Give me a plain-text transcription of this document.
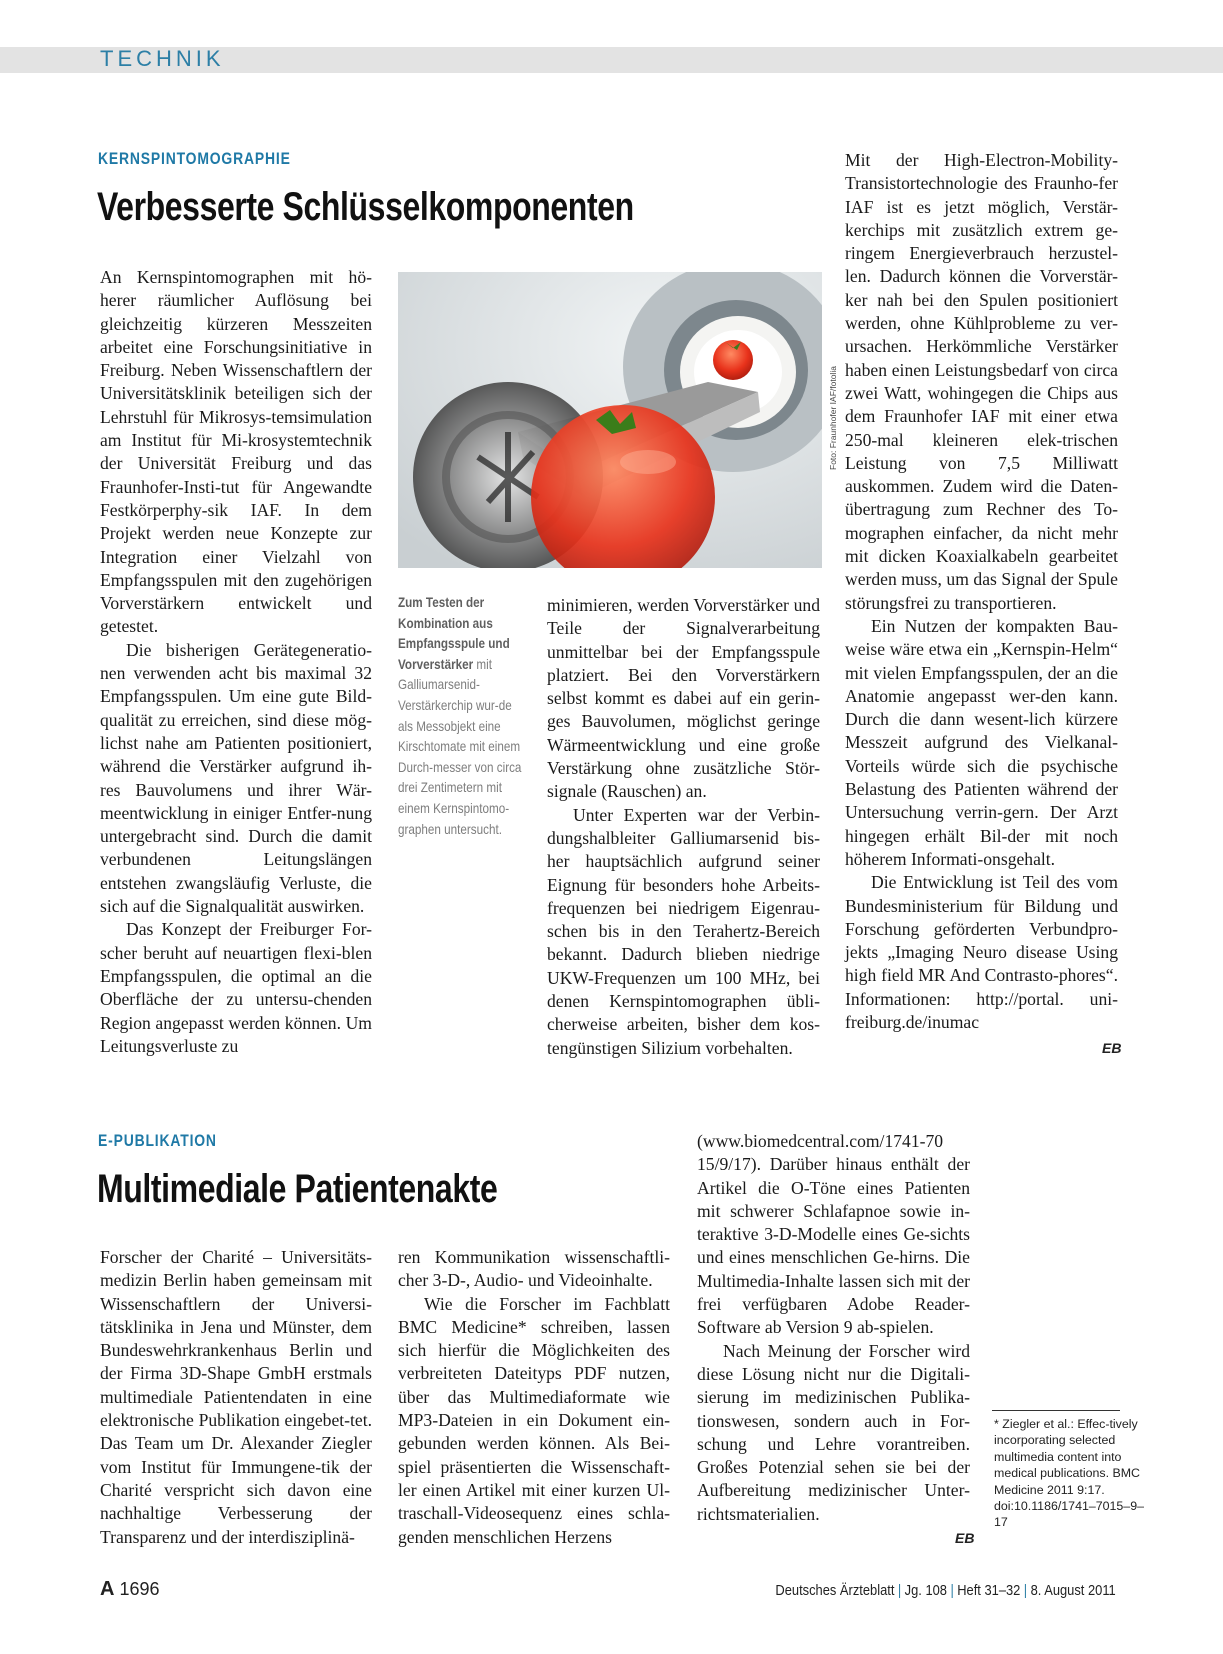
TECHNIK
KERNSPINTOMOGRAPHIE
Verbesserte Schlüsselkomponenten

An Kernspintomographen mit hö-herer räumlicher Auflösung bei gleichzeitig kürzeren Messzeiten arbeitet eine Forschungsinitiative in Freiburg. Neben Wissenschaftlern der Universitätsklinik beteiligen sich der Lehrstuhl für Mikrosys-temsimulation am Institut für Mi-krosystemtechnik der Universität Freiburg und das Fraunhofer-Insti-tut für Angewandte Festkörperphy-sik IAF. In dem Projekt werden neue Konzepte zur Integration einer Vielzahl von Empfangsspulen mit den zugehörigen Vorverstärkern entwickelt und getestet.

Die bisherigen Gerätegeneratio-nen verwenden acht bis maximal 32 Empfangsspulen. Um eine gute Bild-qualität zu erreichen, sind diese mög-lichst nahe am Patienten positioniert, während die Verstärker aufgrund ih-res Bauvolumens und ihrer Wär-meentwicklung in einiger Entfer-nung untergebracht sind. Durch die damit verbundenen Leitungslängen entstehen zwangsläufig Verluste, die sich auf die Signalqualität auswirken.

Das Konzept der Freiburger For-scher beruht auf neuartigen flexi-blen Empfangsspulen, die optimal an die Oberfläche der zu untersu-chenden Region angepasst werden können. Um Leitungsverluste zu

Foto: Fraunhofer IAF/fotolia
Zum Testen der Kombination aus Empfangsspule und Vorverstärker mit Galliumarsenid-Verstärkerchip wur-de als Messobjekt eine Kirschtomate mit einem Durch-messer von circa drei Zentimetern mit einem Kernspintomo-graphen untersucht.

minimieren, werden Vorverstärker und Teile der Signalverarbeitung unmittelbar bei der Empfangsspule platziert. Bei den Vorverstärkern selbst kommt es dabei auf ein gerin-ges Bauvolumen, möglichst geringe Wärmeentwicklung und eine große Verstärkung ohne zusätzliche Stör-signale (Rauschen) an.

Unter Experten war der Verbin-dungshalbleiter Galliumarsenid bis-her hauptsächlich aufgrund seiner Eignung für besonders hohe Arbeits-frequenzen bei niedrigem Eigenrau-schen bis in den Terahertz-Bereich bekannt. Dadurch blieben niedrige UKW-Frequenzen um 100 MHz, bei denen Kernspintomographen übli-cherweise arbeiten, bisher dem kos-tengünstigen Silizium vorbehalten.

Mit der High-Electron-Mobility-Transistortechnologie des Fraunho-fer IAF ist es jetzt möglich, Verstär-kerchips mit zusätzlich extrem ge-ringem Energieverbrauch herzustel-len. Dadurch können die Vorverstär-ker nah bei den Spulen positioniert werden, ohne Kühlprobleme zu ver-ursachen. Herkömmliche Verstärker haben einen Leistungsbedarf von circa zwei Watt, wohingegen die Chips aus dem Fraunhofer IAF mit einer etwa 250-mal kleineren elek-trischen Leistung von 7,5 Milliwatt auskommen. Zudem wird die Daten-übertragung zum Rechner des To-mographen einfacher, da nicht mehr mit dicken Koaxialkabeln gearbeitet werden muss, um das Signal der Spule störungsfrei zu transportieren.

Ein Nutzen der kompakten Bau-weise wäre etwa ein „Kernspin-Helm“ mit vielen Empfangsspulen, der an die Anatomie angepasst wer-den kann. Durch die dann wesent-lich kürzere Messzeit aufgrund des Vielkanal-Vorteils würde sich die psychische Belastung des Patienten während der Untersuchung verrin-gern. Der Arzt hingegen erhält Bil-der mit noch höherem Informati-onsgehalt.

Die Entwicklung ist Teil des vom Bundesministerium für Bildung und Forschung geförderten Verbundpro-jekts „Imaging Neuro disease Using high field MR And Contrasto-phores“. Informationen: http://portal. uni-freiburg.de/inumac

EB
E-PUBLIKATION
Multimediale Patientenakte

Forscher der Charité – Universitäts-medizin Berlin haben gemeinsam mit Wissenschaftlern der Universi-tätsklinika in Jena und Münster, dem Bundeswehrkrankenhaus Berlin und der Firma 3D-Shape GmbH erstmals multimediale Patientendaten in eine elektronische Publikation eingebet-tet. Das Team um Dr. Alexander Ziegler vom Institut für Immungene-tik der Charité verspricht sich davon eine nachhaltige Verbesserung der Transparenz und der interdisziplinä-

ren Kommunikation wissenschaftli-cher 3-D-, Audio- und Videoinhalte.

Wie die Forscher im Fachblatt BMC Medicine* schreiben, lassen sich hierfür die Möglichkeiten des verbreiteten Dateityps PDF nutzen, über das Multimediaformate wie MP3-Dateien in ein Dokument ein-gebunden werden können. Als Bei-spiel präsentierten die Wissenschaft-ler einen Artikel mit einer kurzen Ul-traschall-Videosequenz eines schla-genden menschlichen Herzens

(www.biomedcentral.com/1741-70 15/9/17). Darüber hinaus enthält der Artikel die O-Töne eines Patienten mit schwerer Schlafapnoe sowie in-teraktive 3-D-Modelle eines Ge-sichts und eines menschlichen Ge-hirns. Die Multimedia-Inhalte lassen sich mit der frei verfügbaren Adobe Reader-Software ab Version 9 ab-spielen.

Nach Meinung der Forscher wird diese Lösung nicht nur die Digitali-sierung im medizinischen Publika-tionswesen, sondern auch in For-schung und Lehre vorantreiben. Großes Potenzial sehen sie bei der Aufbereitung medizinischer Unter-richtsmaterialien.

EB
* Ziegler et al.: Effec-tively incorporating selected multimedia content into medical publications. BMC Medicine 2011 9:17. doi:10.1186/1741–7015–9–17
A 1696	Deutsches Ärzteblatt | Jg. 108 | Heft 31–32 | 8. August 2011
